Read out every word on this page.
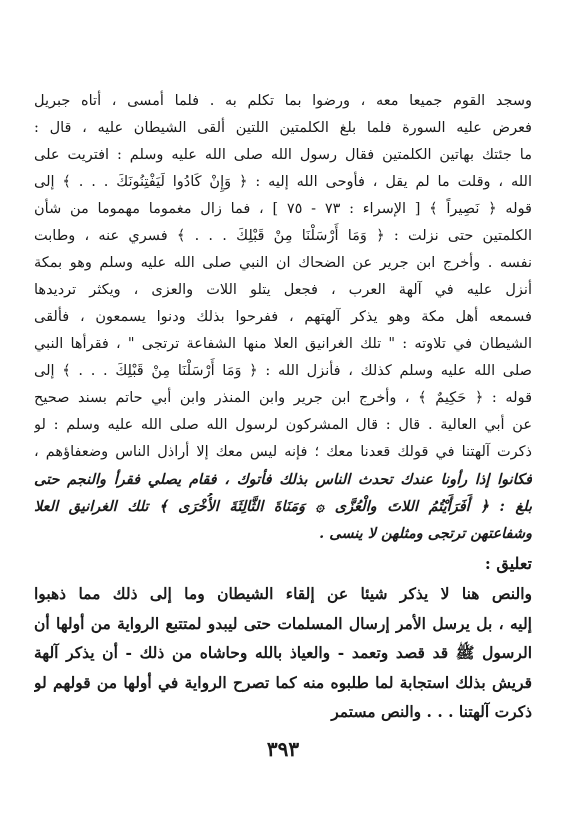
وسجد القوم جميعا معه ، ورضوا بما تكلم به . فلما أمسى ، أتاه جبريل
فعرض عليه السورة فلما بلغ الكلمتين اللتين ألقى الشيطان عليه ، قال :
ما جئتك بهاتين الكلمتين فقال رسول الله صلى الله عليه وسلم : افتريت على
الله ، وقلت ما لم يقل ، فأوحى الله إليه : ﴿ وَإِنْ كَادُوا لَيَفْتِنُونَكَ . . . ﴾ إلى
قوله ﴿ نَصِيراً ﴾ [ الإسراء : ٧٣ - ٧٥ ] ، فما زال مغموما مهموما من شأن
الكلمتين حتى نزلت : ﴿ وَمَا أَرْسَلْنَا مِنْ قَبْلِكَ . . . ﴾ فسري عنه ، وطابت
نفسه . وأخرج ابن جرير عن الضحاك ان النبي صلى الله عليه وسلم وهو بمكة
أنزل عليه في آلهة العرب ، فجعل يتلو اللات والعزى ، ويكثر ترديدها
فسمعه أهل مكة وهو يذكر آلهتهم ، ففرحوا بذلك ودنوا يسمعون ، فألقى
الشيطان في تلاوته : " تلك الغرانيق العلا منها الشفاعة ترتجى " ، فقرأها النبي
صلى الله عليه وسلم كذلك ، فأنزل الله : ﴿ وَمَا أَرْسَلْنَا مِنْ قَبْلِكَ . . . ﴾ إلى
قوله : ﴿ حَكِيمٌ ﴾ ، وأخرج ابن جرير وابن المنذر وابن أبي حاتم بسند صحيح
عن أبي العالية . قال : قال المشركون لرسول الله صلى الله عليه وسلم : لو
ذكرت آلهتنا في قولك قعدنا معك ؛ فإنه ليس معك إلا أراذل الناس وضعفاؤهم ،
فكانوا إذا رأونا عندك تحدث الناس بذلك فأتوك ، فقام يصلي فقرأ والنجم حتى
بلغ : ﴿ أَفَرَأَيْتُمُ اللاتَ والْعُزَّى ۞ وَمَنَاةَ الثَّالِثَةَ الأُخْرَى ﴾ تلك الغرانيق العلا
وشفاعتهن ترتجى ومثلهن لا ينسى .
تعليق :
والنص هنا لا يذكر شيئا عن إلقاء الشيطان وما إلى ذلك مما ذهبوا
إليه ، بل يرسل الأمر إرسال المسلمات حتى ليبدو لمتتبع الرواية من أولها أن
الرسول ﷺ قد قصد وتعمد - والعياذ بالله وحاشاه من ذلك - أن يذكر آلهة
قريش بذلك استجابة لما طلبوه منه كما تصرح الرواية في أولها من قولهم لو
ذكرت آلهتنا . . . والنص مستمر
٣٩٣
